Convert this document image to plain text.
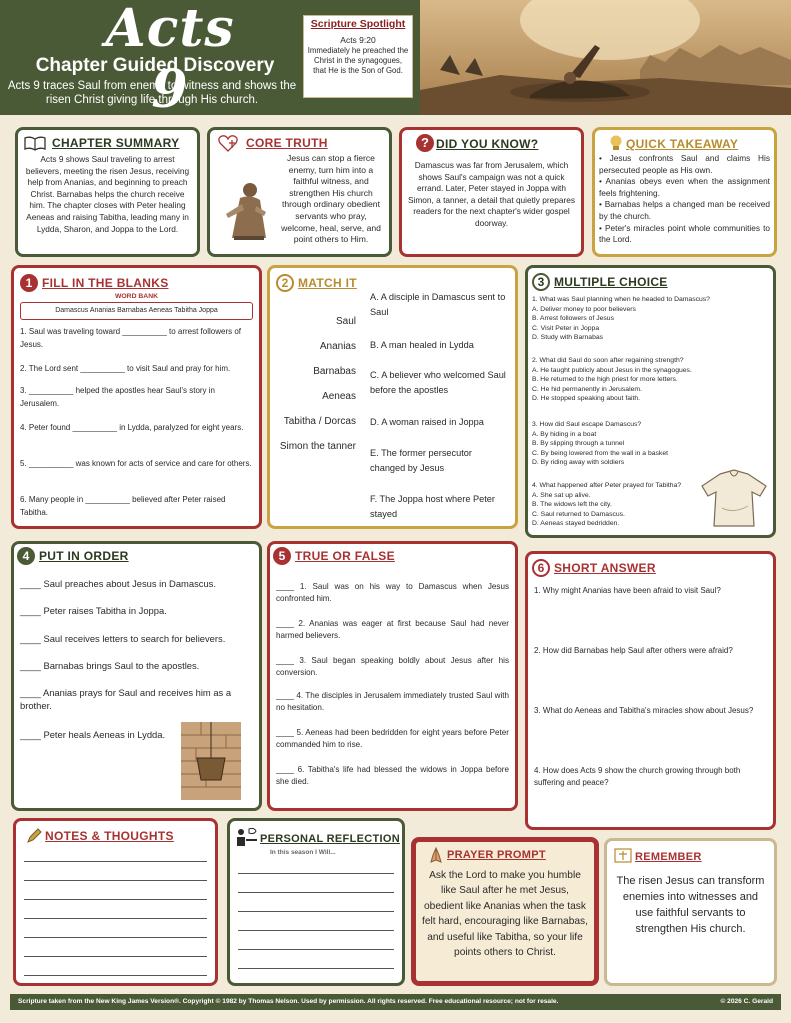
Acts 9
Chapter Guided Discovery
Acts 9 traces Saul from enemy to witness and shows the risen Christ giving life through His church.
Scripture Spotlight
Acts 9:20
Immediately he preached the Christ in the synagogues, that He is the Son of God.
CHAPTER SUMMARY
Acts 9 shows Saul traveling to arrest believers, meeting the risen Jesus, receiving help from Ananias, and beginning to preach Christ. Barnabas helps the church receive him. The chapter closes with Peter healing Aeneas and raising Tabitha, leading many in Lydda, Sharon, and Joppa to the Lord.
CORE TRUTH
Jesus can stop a fierce enemy, turn him into a faithful witness, and strengthen His church through ordinary obedient servants who pray, welcome, heal, serve, and point others to Him.
? DID YOU KNOW?
Damascus was far from Jerusalem, which shows Saul's campaign was not a quick errand. Later, Peter stayed in Joppa with Simon, a tanner, a detail that quietly prepares readers for the next chapter's wider gospel doorway.
QUICK TAKEAWAY
• Jesus confronts Saul and claims His persecuted people as His own.
• Ananias obeys even when the assignment feels frightening.
• Barnabas helps a changed man be received by the church.
• Peter's miracles point whole communities to the Lord.
1 FILL IN THE BLANKS
WORD BANK
Damascus Ananias Barnabas Aeneas Tabitha Joppa
1. Saul was traveling toward __________ to arrest followers of Jesus.
2. The Lord sent __________ to visit Saul and pray for him.
3. __________ helped the apostles hear Saul's story in Jerusalem.
4. Peter found __________ in Lydda, paralyzed for eight years.
5. __________ was known for acts of service and care for others.
6. Many people in __________ believed after Peter raised Tabitha.
2 MATCH IT
Saul
Ananias
Barnabas
Aeneas
Tabitha / Dorcas
Simon the tanner
A. A disciple in Damascus sent to Saul
B. A man healed in Lydda
C. A believer who welcomed Saul before the apostles
D. A woman raised in Joppa
E. The former persecutor changed by Jesus
F. The Joppa host where Peter stayed
3 MULTIPLE CHOICE
1. What was Saul planning when he headed to Damascus?
A. Deliver money to poor believers
B. Arrest followers of Jesus
C. Visit Peter in Joppa
D. Study with Barnabas
2. What did Saul do soon after regaining strength?
A. He taught publicly about Jesus in the synagogues.
B. He returned to the high priest for more letters.
C. He hid permanently in Jerusalem.
D. He stopped speaking about faith.
3. How did Saul escape Damascus?
A. By hiding in a boat
B. By slipping through a tunnel
C. By being lowered from the wall in a basket
D. By riding away with soldiers
4. What happened after Peter prayed for Tabitha?
A. She sat up alive.
B. The widows left the city.
C. Saul returned to Damascus.
D. Aeneas stayed bedridden.
4 PUT IN ORDER
____ Saul preaches about Jesus in Damascus.
____ Peter raises Tabitha in Joppa.
____ Saul receives letters to search for believers.
____ Barnabas brings Saul to the apostles.
____ Ananias prays for Saul and receives him as a brother.
____ Peter heals Aeneas in Lydda.
5 TRUE OR FALSE
____ 1. Saul was on his way to Damascus when Jesus confronted him.
____ 2. Ananias was eager at first because Saul had never harmed believers.
____ 3. Saul began speaking boldly about Jesus after his conversion.
____ 4. The disciples in Jerusalem immediately trusted Saul with no hesitation.
____ 5. Aeneas had been bedridden for eight years before Peter commanded him to rise.
____ 6. Tabitha's life had blessed the widows in Joppa before she died.
6 SHORT ANSWER
1. Why might Ananias have been afraid to visit Saul?
2. How did Barnabas help Saul after others were afraid?
3. What do Aeneas and Tabitha's miracles show about Jesus?
4. How does Acts 9 show the church growing through both suffering and peace?
NOTES & THOUGHTS	PERSONAL REFLECTION
In this season I Will...	PRAYER PROMPT
Ask the Lord to make you humble like Saul after he met Jesus, obedient like Ananias when the task felt hard, encouraging like Barnabas, and useful like Tabitha, so your life points others to Christ.
REMEMBER
The risen Jesus can transform enemies into witnesses and use faithful servants to strengthen His church.
Scripture taken from the New King James Version®. Copyright © 1982 by Thomas Nelson. Used by permission. All rights reserved. Free educational resource; not for resale.	© 2026 C. Gerald
